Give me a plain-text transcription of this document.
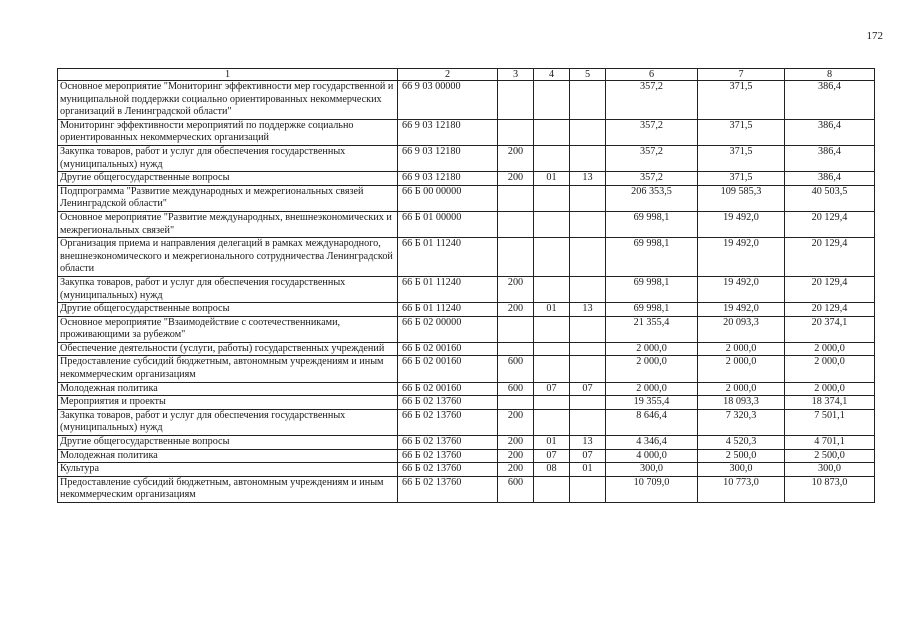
172
1	2	3	4	5	6	7	8
Основное мероприятие "Мониторинг эффективности мер государственной и муниципальной поддержки социально ориентированных некоммерческих организаций в Ленинградской области"	66 9 03 00000				357,2	371,5	386,4
Мониторинг эффективности мероприятий по поддержке социально ориентированных некоммерческих организаций	66 9 03 12180				357,2	371,5	386,4
Закупка товаров, работ и услуг для обеспечения государственных (муниципальных) нужд	66 9 03 12180	200			357,2	371,5	386,4
Другие общегосударственные вопросы	66 9 03 12180	200	01	13	357,2	371,5	386,4
Подпрограмма "Развитие международных и межрегиональных связей Ленинградской области"	66 Б 00 00000				206 353,5	109 585,3	40 503,5
Основное мероприятие "Развитие международных, внешнеэкономических и межрегиональных связей"	66 Б 01 00000				69 998,1	19 492,0	20 129,4
Организация приема и направления делегаций в рамках международного, внешнеэкономического и межрегионального сотрудничества Ленинградской области	66 Б 01 11240				69 998,1	19 492,0	20 129,4
Закупка товаров, работ и услуг для обеспечения государственных (муниципальных) нужд	66 Б 01 11240	200			69 998,1	19 492,0	20 129,4
Другие общегосударственные вопросы	66 Б 01 11240	200	01	13	69 998,1	19 492,0	20 129,4
Основное мероприятие "Взаимодействие с соотечественниками, проживающими за рубежом"	66 Б 02 00000				21 355,4	20 093,3	20 374,1
Обеспечение деятельности (услуги, работы) государственных учреждений	66 Б 02 00160				2 000,0	2 000,0	2 000,0
Предоставление субсидий бюджетным, автономным учреждениям и иным некоммерческим организациям	66 Б 02 00160	600			2 000,0	2 000,0	2 000,0
Молодежная политика	66 Б 02 00160	600	07	07	2 000,0	2 000,0	2 000,0
Мероприятия и проекты	66 Б 02 13760				19 355,4	18 093,3	18 374,1
Закупка товаров, работ и услуг для обеспечения государственных (муниципальных) нужд	66 Б 02 13760	200			8 646,4	7 320,3	7 501,1
Другие общегосударственные вопросы	66 Б 02 13760	200	01	13	4 346,4	4 520,3	4 701,1
Молодежная политика	66 Б 02 13760	200	07	07	4 000,0	2 500,0	2 500,0
Культура	66 Б 02 13760	200	08	01	300,0	300,0	300,0
Предоставление субсидий бюджетным, автономным учреждениям и иным некоммерческим организациям	66 Б 02 13760	600			10 709,0	10 773,0	10 873,0
